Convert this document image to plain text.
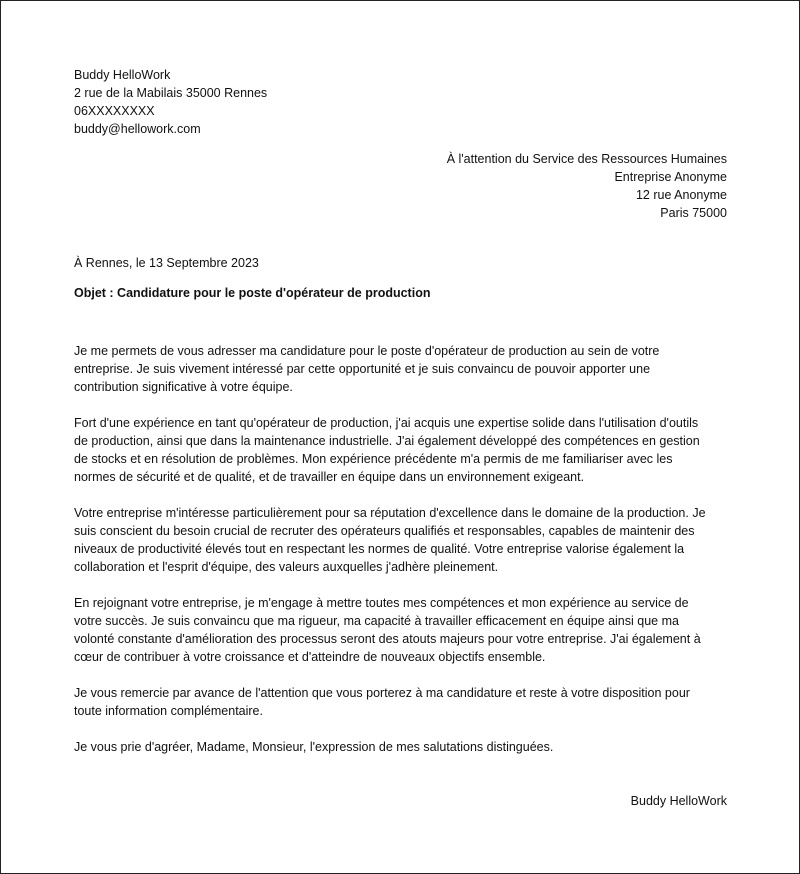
Buddy HelloWork
2 rue de la Mabilais 35000 Rennes
06XXXXXXXX
buddy@hellowork.com
À l'attention du Service des Ressources Humaines
Entreprise Anonyme
12 rue Anonyme
Paris 75000
À Rennes, le 13 Septembre 2023
Objet : Candidature pour le poste d'opérateur de production
Je me permets de vous adresser ma candidature pour le poste d'opérateur de production au sein de votre
entreprise. Je suis vivement intéressé par cette opportunité et je suis convaincu de pouvoir apporter une
contribution significative à votre équipe.
Fort d'une expérience en tant qu'opérateur de production, j'ai acquis une expertise solide dans l'utilisation d'outils
de production, ainsi que dans la maintenance industrielle. J'ai également développé des compétences en gestion
de stocks et en résolution de problèmes. Mon expérience précédente m'a permis de me familiariser avec les
normes de sécurité et de qualité, et de travailler en équipe dans un environnement exigeant.
Votre entreprise m'intéresse particulièrement pour sa réputation d'excellence dans le domaine de la production. Je
suis conscient du besoin crucial de recruter des opérateurs qualifiés et responsables, capables de maintenir des
niveaux de productivité élevés tout en respectant les normes de qualité. Votre entreprise valorise également la
collaboration et l'esprit d'équipe, des valeurs auxquelles j'adhère pleinement.
En rejoignant votre entreprise, je m'engage à mettre toutes mes compétences et mon expérience au service de
votre succès. Je suis convaincu que ma rigueur, ma capacité à travailler efficacement en équipe ainsi que ma
volonté constante d'amélioration des processus seront des atouts majeurs pour votre entreprise. J'ai également à
cœur de contribuer à votre croissance et d'atteindre de nouveaux objectifs ensemble.
Je vous remercie par avance de l'attention que vous porterez à ma candidature et reste à votre disposition pour
toute information complémentaire.
Je vous prie d'agréer, Madame, Monsieur, l'expression de mes salutations distinguées.
Buddy HelloWork
